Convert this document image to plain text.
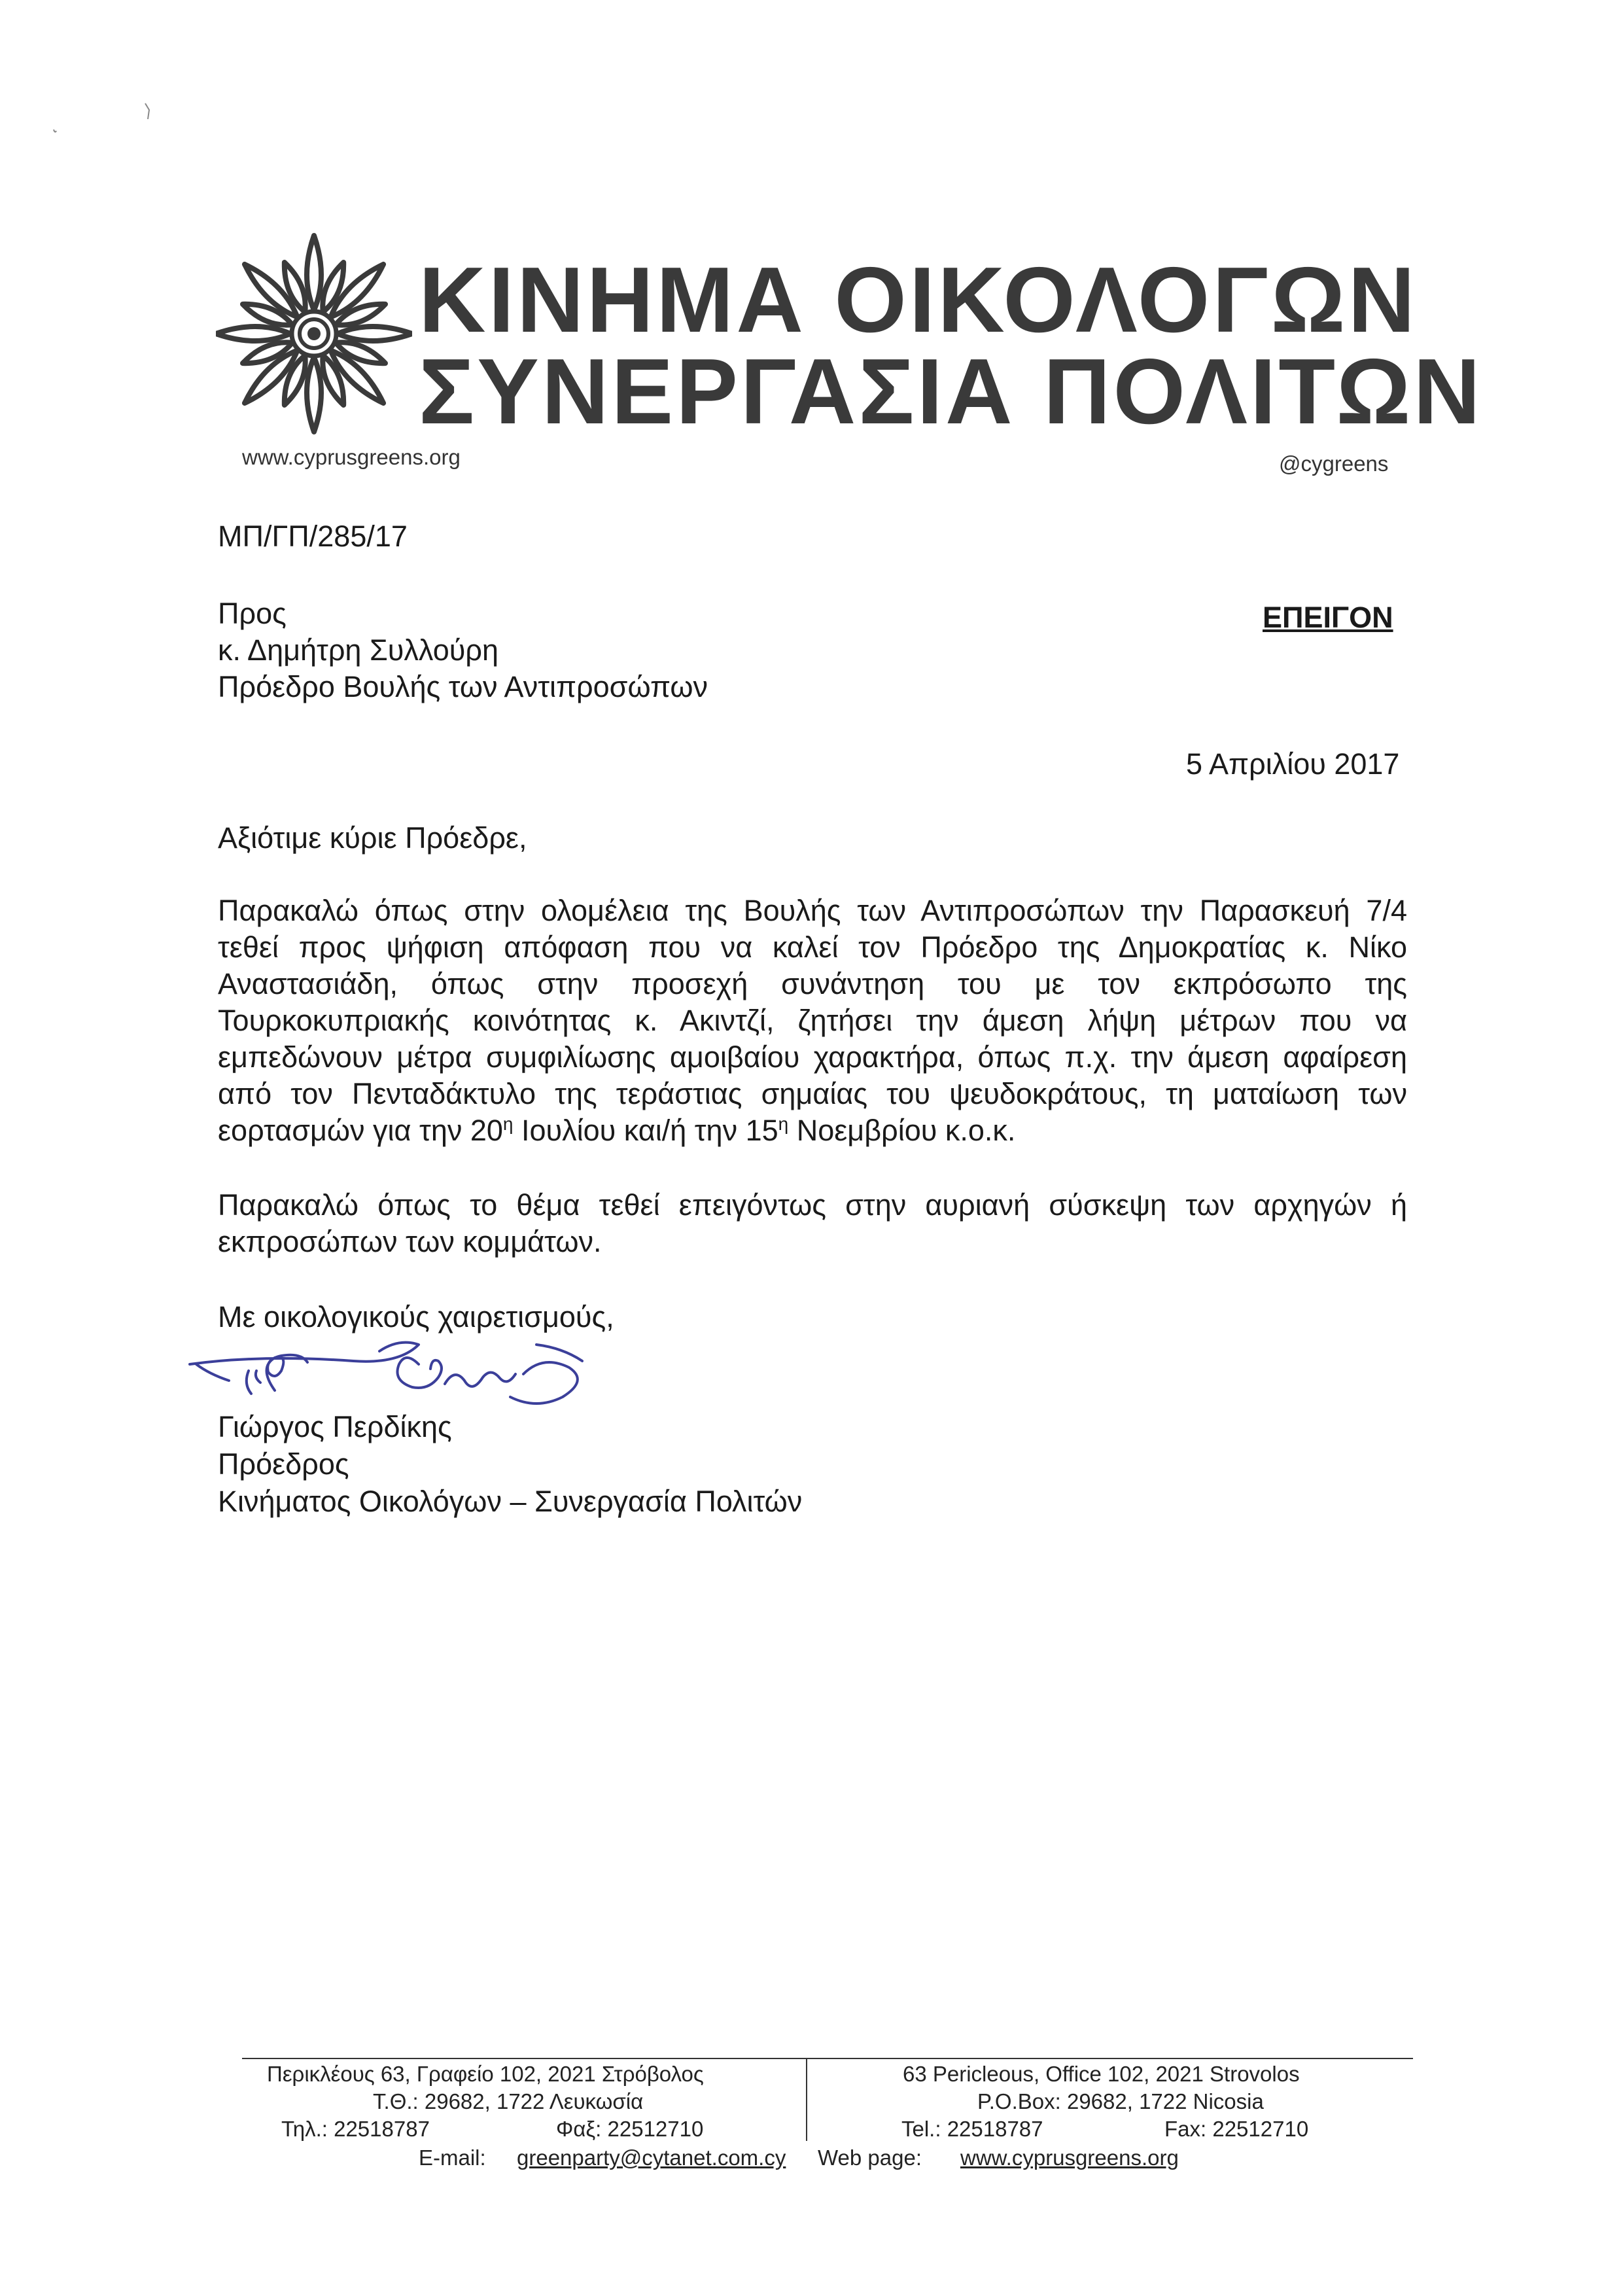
ΚΙΝΗΜΑ ΟΙΚΟΛΟΓΩΝ
ΣΥΝΕΡΓΑΣΙΑ ΠΟΛΙΤΩΝ
www.cyprusgreens.org	@cygreens
ΜΠ/ΓΠ/285/17
Προς
κ. Δημήτρη Συλλούρη
Πρόεδρο Βουλής των Αντιπροσώπων
ΕΠΕΙΓΟΝ
5 Απριλίου 2017
Αξιότιμε κύριε Πρόεδρε,
Παρακαλώ όπως στην ολομέλεια της Βουλής των Αντιπροσώπων την Παρασκευή 7/4
τεθεί προς ψήφιση απόφαση που να καλεί τον Πρόεδρο της Δημοκρατίας κ. Νίκο
Αναστασιάδη, όπως στην προσεχή συνάντηση του με τον εκπρόσωπο της
Τουρκοκυπριακής κοινότητας κ. Ακιντζί, ζητήσει την άμεση λήψη μέτρων που να
εμπεδώνουν μέτρα συμφιλίωσης αμοιβαίου χαρακτήρα, όπως π.χ. την άμεση αφαίρεση
από τον Πενταδάκτυλο της τεράστιας σημαίας του ψευδοκράτους, τη ματαίωση των
εορτασμών για την $20^\eta$ Ιουλίου και/ή την $15^\eta$ Νοεμβρίου κ.ο.κ.
Παρακαλώ όπως το θέμα τεθεί επειγόντως στην αυριανή σύσκεψη των αρχηγών ή
εκπροσώπων των κομμάτων.
Με οικολογικούς χαιρετισμούς,
Γιώργος Περδίκης
Πρόεδρος
Κινήματος Οικολόγων – Συνεργασία Πολιτών
Περικλέους 63, Γραφείο 102, 2021 Στρόβολος
Τ.Θ.: 29682, 1722 Λευκωσία
Τηλ.: 22518787	Φαξ: 22512710
63 Pericleous, Office 102, 2021 Strovolos
P.O.Box: 29682, 1722 Nicosia
Tel.: 22518787	Fax: 22512710
E-mail: greenparty@cytanet.com.cy Web page: www.cyprusgreens.org
